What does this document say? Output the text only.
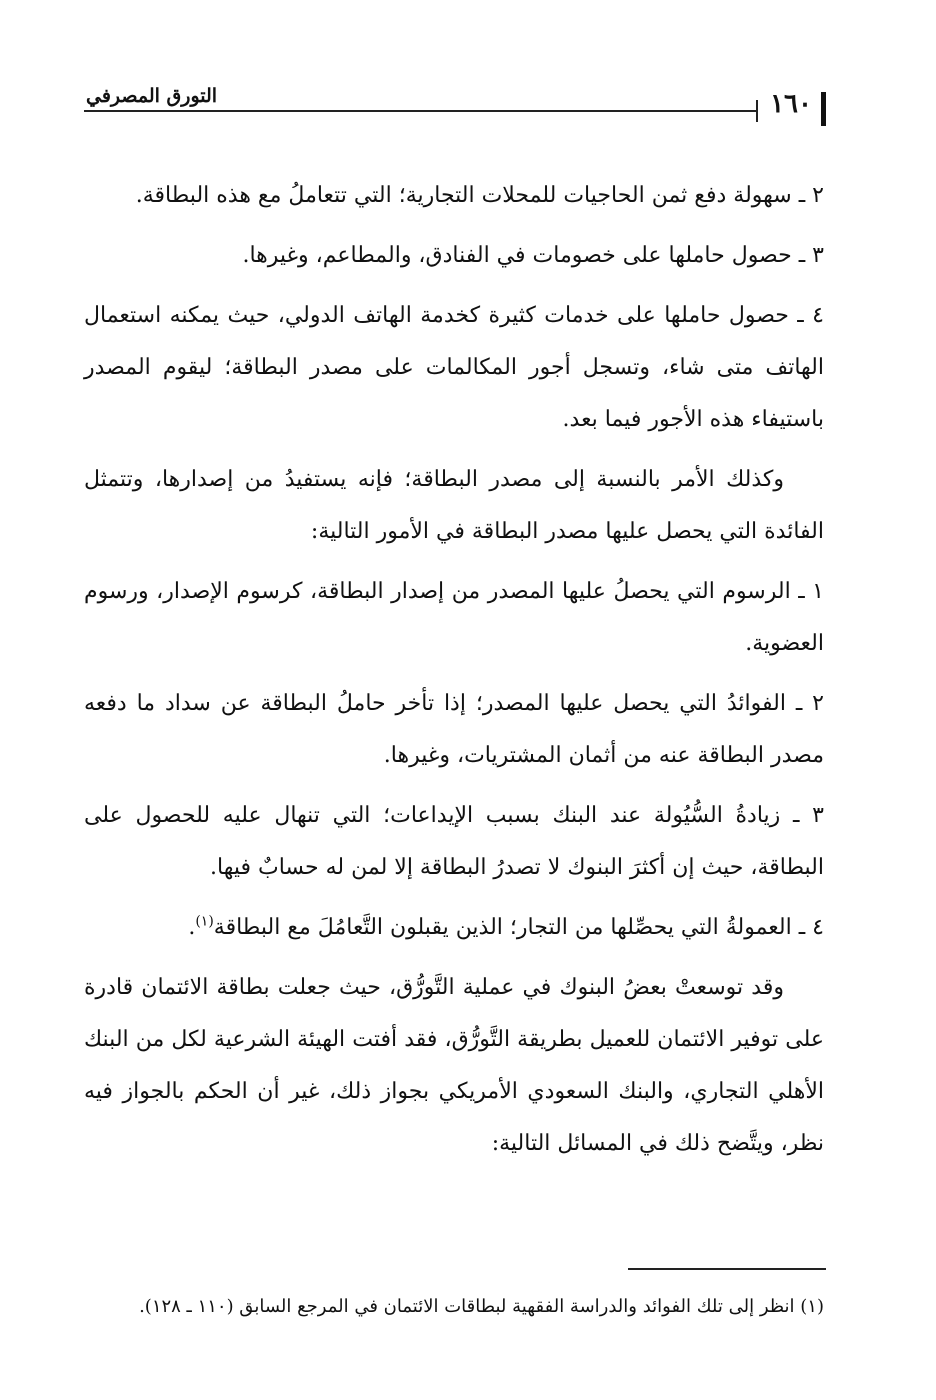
١٦٠
التورق المصرفي

٢ ـ سهولة دفع ثمن الحاجيات للمحلات التجارية؛ التي تتعاملُ مع هذه البطاقة.

٣ ـ حصول حاملها على خصومات في الفنادق، والمطاعم، وغيرها.

٤ ـ حصول حاملها على خدمات كثيرة كخدمة الهاتف الدولي، حيث يمكنه استعمال الهاتف متى شاء، وتسجل أجور المكالمات على مصدر البطاقة؛ ليقوم المصدر باستيفاء هذه الأجور فيما بعد.

وكذلك الأمر بالنسبة إلى مصدر البطاقة؛ فإنه يستفيدُ من إصدارها، وتتمثل الفائدة التي يحصل عليها مصدر البطاقة في الأمور التالية:

١ ـ الرسوم التي يحصلُ عليها المصدر من إصدار البطاقة، كرسوم الإصدار، ورسوم العضوية.

٢ ـ الفوائدُ التي يحصل عليها المصدر؛ إذا تأخر حاملُ البطاقة عن سداد ما دفعه مصدر البطاقة عنه من أثمان المشتريات، وغيرها.

٣ ـ زيادةُ السُّيُولة عند البنك بسبب الإيداعات؛ التي تنهال عليه للحصول على البطاقة، حيث إن أكثرَ البنوك لا تصدرُ البطاقة إلا لمن له حسابٌ فيها.

٤ ـ العمولةُ التي يحصِّلها من التجار؛ الذين يقبلون التَّعامُلَ مع البطاقة$^{(١)}$.

وقد توسعتْ بعضُ البنوك في عملية التَّورُّق، حيث جعلت بطاقة الائتمان قادرة على توفير الائتمان للعميل بطريقة التَّورُّق، فقد أفتت الهيئة الشرعية لكل من البنك الأهلي التجاري، والبنك السعودي الأمريكي بجواز ذلك، غير أن الحكم بالجواز فيه نظر، ويتَّضح ذلك في المسائل التالية:

(١) انظر إلى تلك الفوائد والدراسة الفقهية لبطاقات الائتمان في المرجع السابق (١١٠ ـ ١٢٨).
